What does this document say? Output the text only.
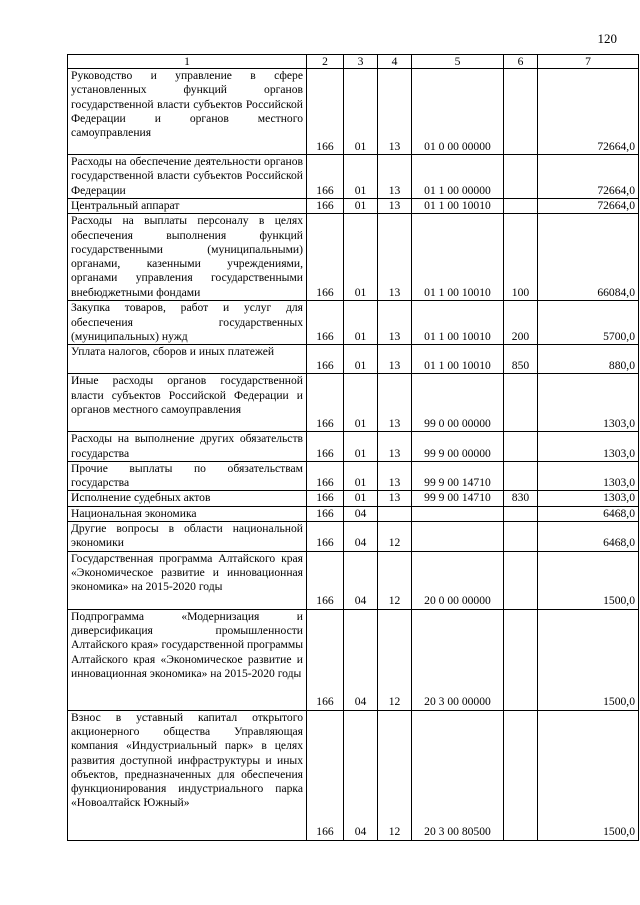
120
1	2	3	4	5	6	7
Руководство и управление в сфере установленных функций органов государственной власти субъектов Российской Федерации и органов местного самоуправления	166	01	13	01 0 00 00000		72664,0
Расходы на обеспечение деятельности органов государственной власти субъектов Российской Федерации	166	01	13	01 1 00 00000		72664,0
Центральный аппарат	166	01	13	01 1 00 10010		72664,0
Расходы на выплаты персоналу в целях обеспечения выполнения функций государственными (муниципальными) органами, казенными учреждениями, органами управления государственными внебюджетными фондами	166	01	13	01 1 00 10010	100	66084,0
Закупка товаров, работ и услуг для обеспечения государственных (муниципальных) нужд	166	01	13	01 1 00 10010	200	5700,0
Уплата налогов, сборов и иных платежей	166	01	13	01 1 00 10010	850	880,0
Иные расходы органов государственной власти субъектов Российской Федерации и органов местного самоуправления	166	01	13	99 0 00 00000		1303,0
Расходы на выполнение других обязательств государства	166	01	13	99 9 00 00000		1303,0
Прочие выплаты по обязательствам государства	166	01	13	99 9 00 14710		1303,0
Исполнение судебных актов	166	01	13	99 9 00 14710	830	1303,0
Национальная экономика	166	04				6468,0
Другие вопросы в области национальной экономики	166	04	12			6468,0
Государственная программа Алтайского края «Экономическое развитие и инновационная экономика» на 2015-2020 годы	166	04	12	20 0 00 00000		1500,0
Подпрограмма «Модернизация и диверсификация промышленности Алтайского края» государственной программы Алтайского края «Экономическое развитие и инновационная экономика» на 2015-2020 годы	166	04	12	20 3 00 00000		1500,0
Взнос в уставный капитал открытого акционерного общества Управляющая компания «Индустриальный парк» в целях развития доступной инфраструктуры и иных объектов, предназначенных для обеспечения функционирования индустриального парка «Новоалтайск Южный»	166	04	12	20 3 00 80500		1500,0
